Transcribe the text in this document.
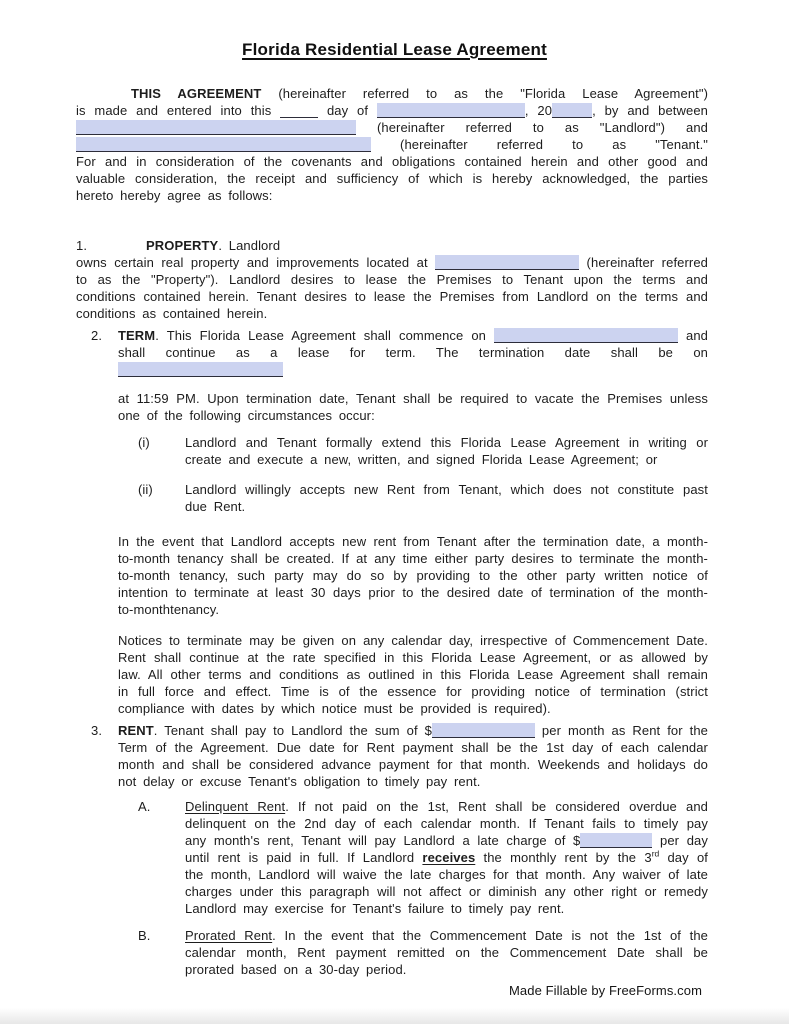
Florida Residential Lease Agreement
THIS AGREEMENT (hereinafter referred to as the "Florida Lease Agreement")
is made and entered into this	day of	, 20	, by and between
(hereinafter referred to as "Landlord") and
(hereinafter referred to as "Tenant."
For and in consideration of the covenants and obligations contained herein and other good and valuable consideration, the receipt and sufficiency of which is hereby acknowledged, the parties hereto hereby agree as follows:
1.	PROPERTY. Landlord
owns certain real property and improvements located at	(hereinafter referred to as the "Property"). Landlord desires to lease the Premises to Tenant upon the terms and conditions contained herein. Tenant desires to lease the Premises from Landlord on the terms and conditions as contained herein.
2.	TERM. This Florida Lease Agreement shall commence on	and
shall continue as a lease for term. The termination date shall be on
at 11:59 PM. Upon termination date, Tenant shall be required to vacate the Premises unless one of the following circumstances occur:
(i)	Landlord and Tenant formally extend this Florida Lease Agreement in writing or create and execute a new, written, and signed Florida Lease Agreement; or
(ii)	Landlord willingly accepts new Rent from Tenant, which does not constitute past due Rent.
In the event that Landlord accepts new rent from Tenant after the termination date, a month-to-month tenancy shall be created. If at any time either party desires to terminate the month-to-month tenancy, such party may do so by providing to the other party written notice of intention to terminate at least 30 days prior to the desired date of termination of the month-to-monthtenancy.
Notices to terminate may be given on any calendar day, irrespective of Commencement Date. Rent shall continue at the rate specified in this Florida Lease Agreement, or as allowed by law. All other terms and conditions as outlined in this Florida Lease Agreement shall remain in full force and effect. Time is of the essence for providing notice of termination (strict compliance with dates by which notice must be provided is required).
3.	RENT. Tenant shall pay to Landlord the sum of $	per month as Rent for the Term of the Agreement. Due date for Rent payment shall be the 1st day of each calendar month and shall be considered advance payment for that month. Weekends and holidays do not delay or excuse Tenant's obligation to timely pay rent.
A.	Delinquent Rent. If not paid on the 1st, Rent shall be considered overdue and delinquent on the 2nd day of each calendar month. If Tenant fails to timely pay any month's rent, Tenant will pay Landlord a late charge of $	per day until rent is paid in full. If Landlord receives the monthly rent by the 3rd day of the month, Landlord will waive the late charges for that month. Any waiver of late charges under this paragraph will not affect or diminish any other right or remedy Landlord may exercise for Tenant's failure to timely pay rent.
B.	Prorated Rent. In the event that the Commencement Date is not the 1st of the calendar month, Rent payment remitted on the Commencement Date shall be prorated based on a 30-day period.
Made Fillable by FreeForms.com
